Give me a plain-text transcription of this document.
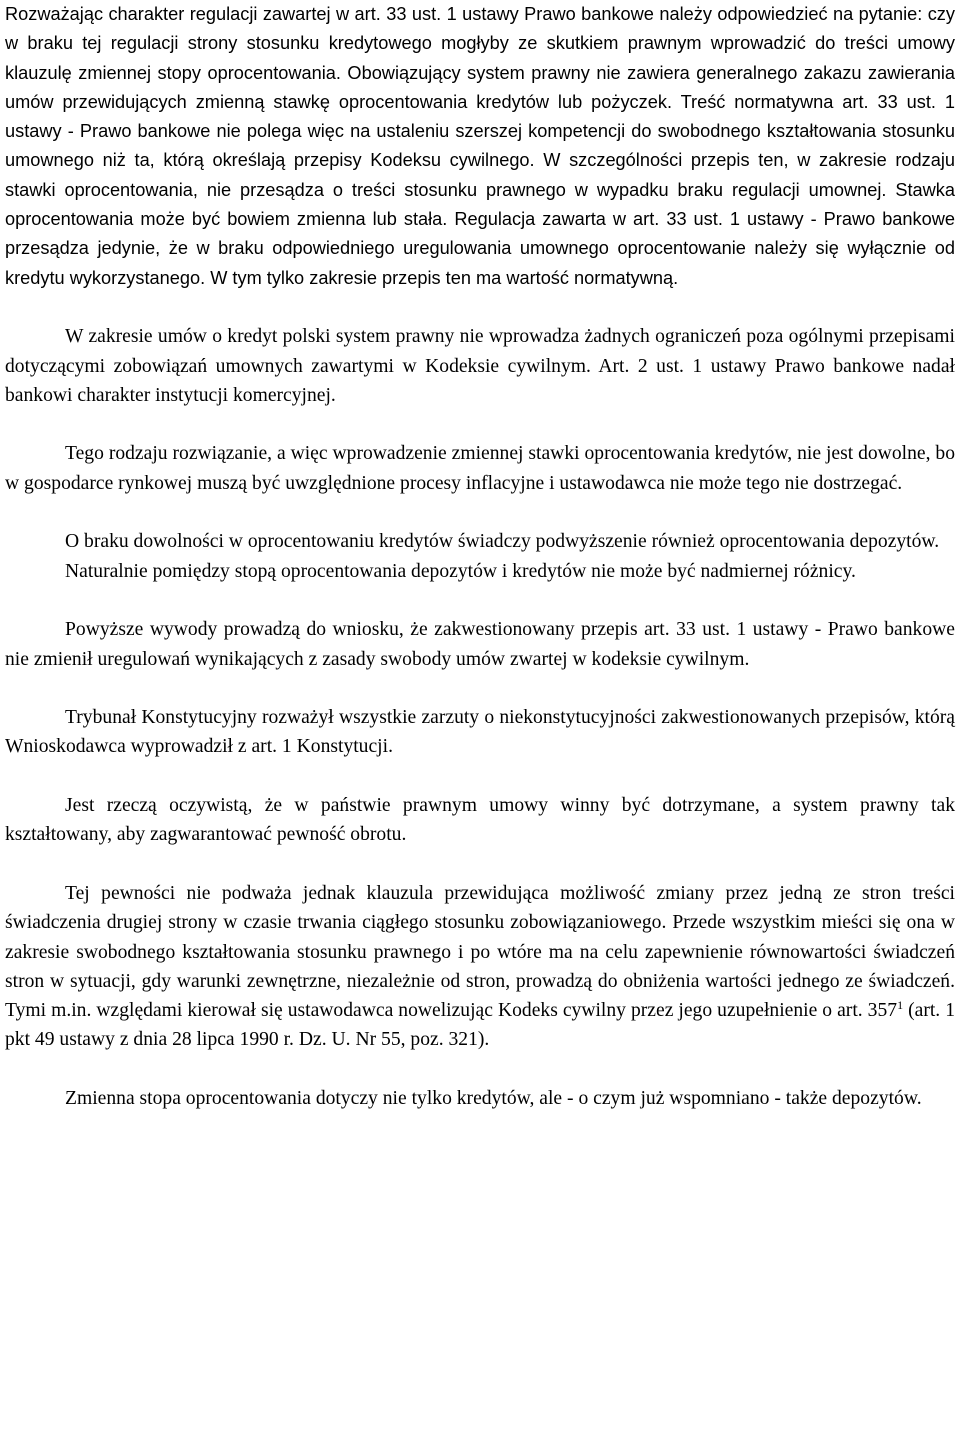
Rozważając charakter regulacji zawartej w art. 33 ust. 1 ustawy Prawo bankowe należy odpowiedzieć na pytanie: czy w braku tej regulacji strony stosunku kredytowego mogłyby ze skutkiem prawnym wprowadzić do treści umowy klauzulę zmiennej stopy oprocentowania. Obowiązujący system prawny nie zawiera generalnego zakazu zawierania umów przewidujących zmienną stawkę oprocentowania kredytów lub pożyczek. Treść normatywna art. 33 ust. 1 ustawy - Prawo bankowe nie polega więc na ustaleniu szerszej kompetencji do swobodnego kształtowania stosunku umownego niż ta, którą określają przepisy Kodeksu cywilnego. W szczególności przepis ten, w zakresie rodzaju stawki oprocentowania, nie przesądza o treści stosunku prawnego w wypadku braku regulacji umownej. Stawka oprocentowania może być bowiem zmienna lub stała. Regulacja zawarta w art. 33 ust. 1 ustawy - Prawo bankowe przesądza jedynie, że w braku odpowiedniego uregulowania umownego oprocentowanie należy się wyłącznie od kredytu wykorzystanego. W tym tylko zakresie przepis ten ma wartość normatywną.

W zakresie umów o kredyt polski system prawny nie wprowadza żadnych ograniczeń poza ogólnymi przepisami dotyczącymi zobowiązań umownych zawartymi w Kodeksie cywilnym. Art. 2 ust. 1 ustawy Prawo bankowe nadał bankowi charakter instytucji komercyjnej.

Tego rodzaju rozwiązanie, a więc wprowadzenie zmiennej stawki oprocentowania kredytów, nie jest dowolne, bo w gospodarce rynkowej muszą być uwzględnione procesy inflacyjne i ustawodawca nie może tego nie dostrzegać.

O braku dowolności w oprocentowaniu kredytów świadczy podwyższenie również oprocentowania depozytów.

Naturalnie pomiędzy stopą oprocentowania depozytów i kredytów nie może być nadmiernej różnicy.

Powyższe wywody prowadzą do wniosku, że zakwestionowany przepis art. 33 ust. 1 ustawy - Prawo bankowe nie zmienił uregulowań wynikających z zasady swobody umów zwartej w kodeksie cywilnym.

Trybunał Konstytucyjny rozważył wszystkie zarzuty o niekonstytucyjności zakwestionowanych przepisów, którą Wnioskodawca wyprowadził z art. 1 Konstytucji.

Jest rzeczą oczywistą, że w państwie prawnym umowy winny być dotrzymane, a system prawny tak kształtowany, aby zagwarantować pewność obrotu.

Tej pewności nie podważa jednak klauzula przewidująca możliwość zmiany przez jedną ze stron treści świadczenia drugiej strony w czasie trwania ciągłego stosunku zobowiązaniowego. Przede wszystkim mieści się ona w zakresie swobodnego kształtowania stosunku prawnego i po wtóre ma na celu zapewnienie równowartości świadczeń stron w sytuacji, gdy warunki zewnętrzne, niezależnie od stron, prowadzą do obniżenia wartości jednego ze świadczeń. Tymi m.in. względami kierował się ustawodawca nowelizując Kodeks cywilny przez jego uzupełnienie o art. $357^1$ (art. 1 pkt 49 ustawy z dnia 28 lipca 1990 r. Dz. U. Nr 55, poz. 321).

Zmienna stopa oprocentowania dotyczy nie tylko kredytów, ale - o czym już wspomniano - także depozytów.
